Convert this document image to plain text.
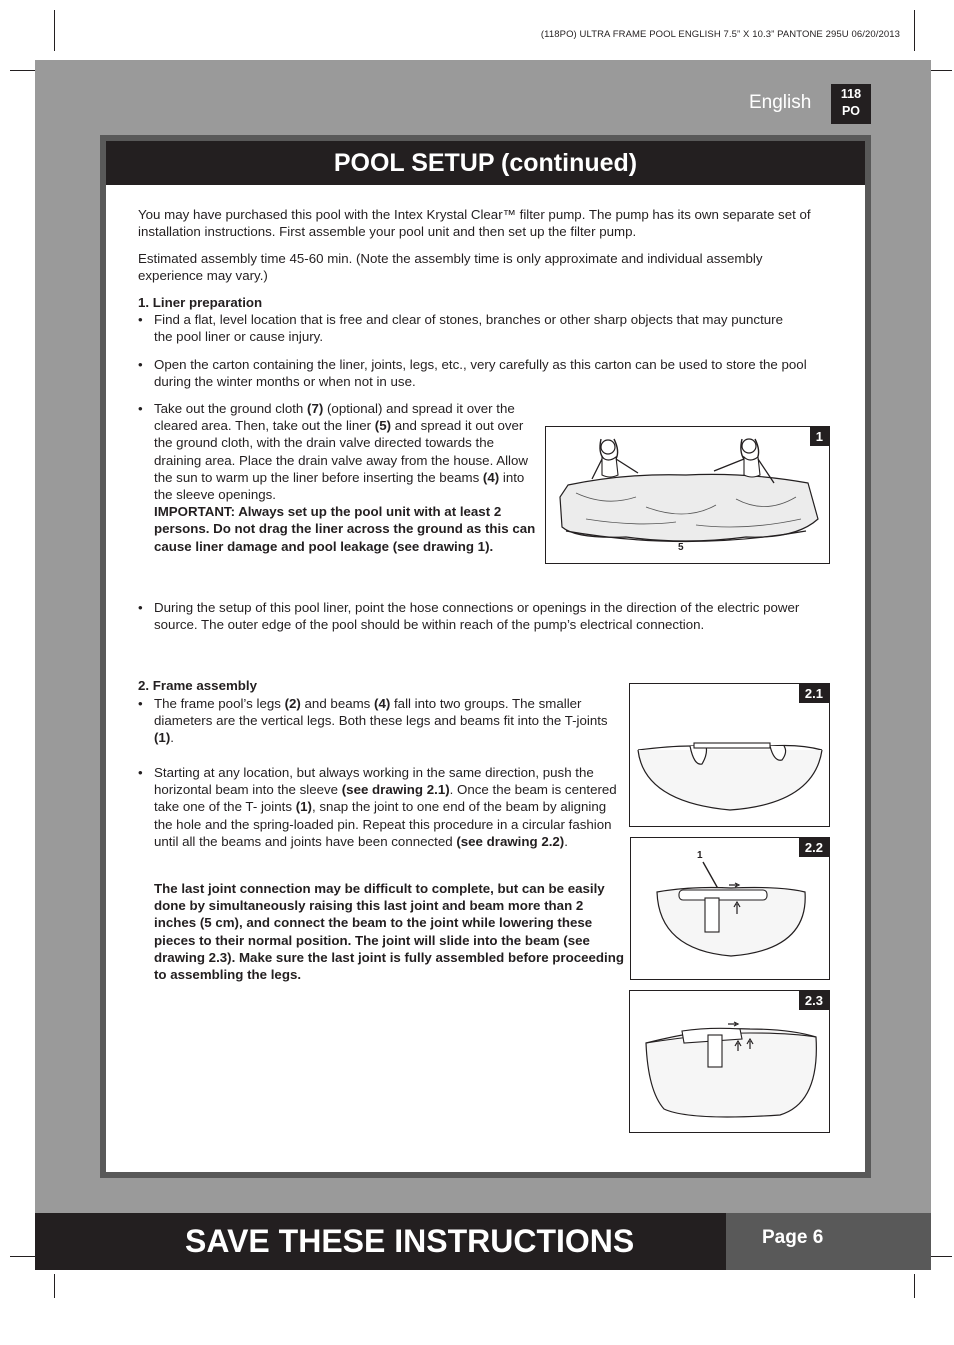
(118PO) ULTRA FRAME POOL ENGLISH 7.5” X 10.3” PANTONE 295U 06/20/2013
English	118
PO
POOL SETUP (continued)
You may have purchased this pool with the Intex Krystal Clear™ filter pump. The pump has its own separate set of installation instructions. First assemble your pool unit and then set up the filter pump.
Estimated assembly time 45-60 min. (Note the assembly time is only approximate and individual assembly experience may vary.)
1. Liner preparation
• Find a flat, level location that is free and clear of stones, branches or other sharp objects that may puncture the pool liner or cause injury.
• Open the carton containing the liner, joints, legs, etc., very carefully as this carton can be used to store the pool during the winter months or when not in use.
• Take out the ground cloth (7) (optional) and spread it over the cleared area. Then, take out the liner (5) and spread it out over the ground cloth, with the drain valve directed towards the draining area. Place the drain valve away from the house. Allow the sun to warm up the liner before inserting the beams (4) into the sleeve openings.
IMPORTANT: Always set up the pool unit with at least 2 persons. Do not drag the liner across the ground as this can cause liner damage and pool leakage (see drawing 1).
1
5
• During the setup of this pool liner, point the hose connections or openings in the direction of the electric power source. The outer edge of the pool should be within reach of the pump’s electrical connection.
2. Frame assembly
• The frame pool’s legs (2) and beams (4) fall into two groups. The smaller diameters are the vertical legs. Both these legs and beams fit into the T-joints (1).
• Starting at any location, but always working in the same direction, push the horizontal beam into the sleeve (see drawing 2.1). Once the beam is centered take one of the T- joints (1), snap the joint to one end of the beam by aligning the hole and the spring-loaded pin. Repeat this procedure in a circular fashion until all the beams and joints have been connected (see drawing 2.2).
The last joint connection may be difficult to complete, but can be easily done by simultaneously raising this last joint and beam more than 2 inches (5 cm), and connect the beam to the joint while lowering these pieces to their normal position. The joint will slide into the beam (see drawing 2.3). Make sure the last joint is fully assembled before proceeding to assembling the legs.
2.1
2.2
1
2.3
SAVE THESE INSTRUCTIONS	Page 6
